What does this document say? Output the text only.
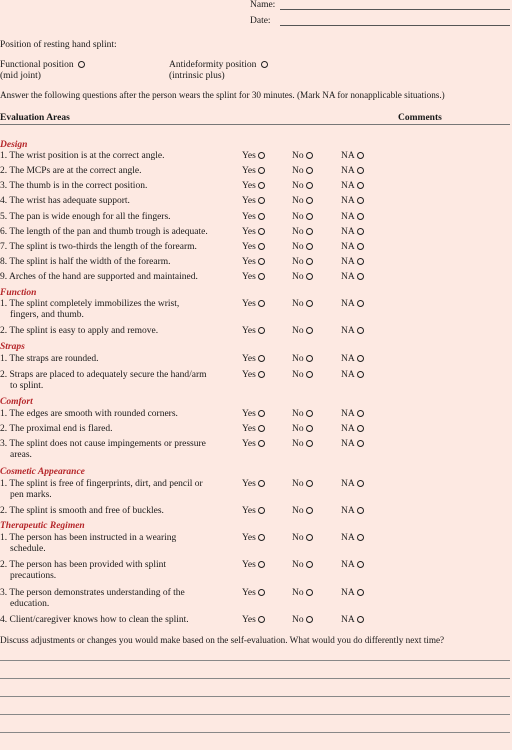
Name:
Date:
Position of resting hand splint:
Functional position
(mid joint)
Antideformity position
(intrinsic plus)
Answer the following questions after the person wears the splint for 30 minutes. (Mark NA for nonapplicable situations.)
Evaluation Areas	Comments
Design
1. The wrist position is at the correct angle.	Yes	No	NA
2. The MCPs are at the correct angle.	Yes	No	NA
3. The thumb is in the correct position.	Yes	No	NA
4. The wrist has adequate support.	Yes	No	NA
5. The pan is wide enough for all the fingers.	Yes	No	NA
6. The length of the pan and thumb trough is adequate.	Yes	No	NA
7. The splint is two-thirds the length of the forearm.	Yes	No	NA
8. The splint is half the width of the forearm.	Yes	No	NA
9. Arches of the hand are supported and maintained.	Yes	No	NA
Function
1. The splint completely immobilizes the wrist, fingers, and thumb.
Yes	No	NA
2. The splint is easy to apply and remove.	Yes	No	NA
Straps
1. The straps are rounded.	Yes	No	NA
2. Straps are placed to adequately secure the hand/arm to splint.
Yes	No	NA
Comfort
1. The edges are smooth with rounded corners.	Yes	No	NA
2. The proximal end is flared.	Yes	No	NA
3. The splint does not cause impingements or pressure areas.
Yes	No	NA
Cosmetic Appearance
1. The splint is free of fingerprints, dirt, and pencil or pen marks.
Yes	No	NA
2. The splint is smooth and free of buckles.	Yes	No	NA
Therapeutic Regimen
1. The person has been instructed in a wearing schedule.
Yes	No	NA
2. The person has been provided with splint precautions.
Yes	No	NA
3. The person demonstrates understanding of the education.
Yes	No	NA
4. Client/caregiver knows how to clean the splint.	Yes	No	NA
Discuss adjustments or changes you would make based on the self-evaluation. What would you do differently next time?
